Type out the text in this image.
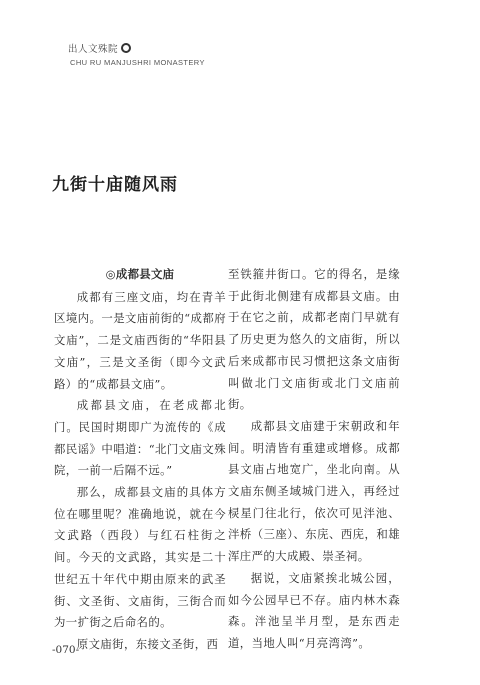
出人文殊院
CHU RU MANJUSHRI MONASTERY
九街十庙随风雨
◎成都县文庙

成都有三座文庙，均在青羊区境内。一是文庙前街的“成都府文庙”，二是文庙西街的“华阳县文庙”，三是文圣街（即今文武路）的“成都县文庙”。

成都县文庙，在老成都北门。民国时期即广为流传的《成都民谣》中唱道：“北门文庙文殊院，一前一后隔不远。”

那么，成都县文庙的具体方位在哪里呢？准确地说，就在今文武路（西段）与红石柱街之间。今天的文武路，其实是二十世纪五十年代中期由原来的武圣街、文圣街、文庙街，三街合而为一扩街之后命名的。

原文庙街，东接文圣街，西

至铁箍井街口。它的得名，是缘于此街北侧建有成都县文庙。由于在它之前，成都老南门早就有了历史更为悠久的文庙街，所以后来成都市民习惯把这条文庙街叫做北门文庙街或北门文庙前街。

成都县文庙建于宋朝政和年间。明清皆有重建或增修。成都县文庙占地宽广，坐北向南。从文庙东侧圣域城门进入，再经过棂星门往北行，依次可见泮池、泮桥（三座）、东庑、西庑，和雄浑庄严的大成殿、崇圣祠。

据说，文庙紧挨北城公园，如今公园早已不存。庙内林木森森。泮池呈半月型，是东西走道，当地人叫“月亮湾湾”。

-070-
